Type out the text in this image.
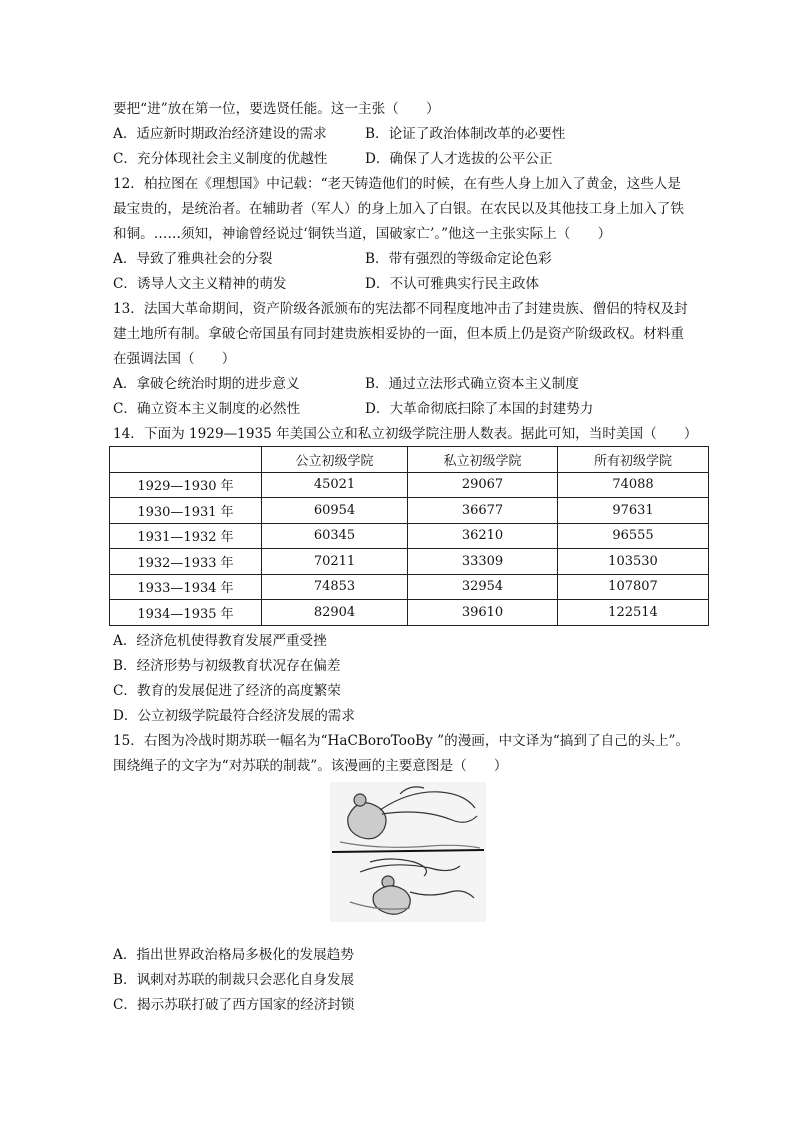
要把“进”放在第一位，要选贤任能。这一主张（　　）
A．适应新时期政治经济建设的需求	B．论证了政治体制改革的必要性
C．充分体现社会主义制度的优越性	D．确保了人才选拔的公平公正
12．柏拉图在《理想国》中记载：“老天铸造他们的时候，在有些人身上加入了黄金，这些人是
最宝贵的，是统治者。在辅助者（军人）的身上加入了白银。在农民以及其他技工身上加入了铁
和铜。……须知，神谕曾经说过‘铜铁当道，国破家亡’。”他这一主张实际上（　　）
A．导致了雅典社会的分裂	B．带有强烈的等级命定论色彩
C．诱导人文主义精神的萌发	D．不认可雅典实行民主政体
13．法国大革命期间，资产阶级各派颁布的宪法都不同程度地冲击了封建贵族、僧侣的特权及封
建土地所有制。拿破仑帝国虽有同封建贵族相妥协的一面，但本质上仍是资产阶级政权。材料重
在强调法国（　　）
A．拿破仑统治时期的进步意义	B．通过立法形式确立资本主义制度
C．确立资本主义制度的必然性	D．大革命彻底扫除了本国的封建势力
14．下面为 1929—1935 年美国公立和私立初级学院注册人数表。据此可知，当时美国（　　）
	公立初级学院	私立初级学院	所有初级学院
1929—1930 年	45021	29067	74088
1930—1931 年	60954	36677	97631
1931—1932 年	60345	36210	96555
1932—1933 年	70211	33309	103530
1933—1934 年	74853	32954	107807
1934—1935 年	82904	39610	122514
A．经济危机使得教育发展严重受挫
B．经济形势与初级教育状况存在偏差
C．教育的发展促进了经济的高度繁荣
D．公立初级学院最符合经济发展的需求
15．右图为冷战时期苏联一幅名为“HaCBoroTooBy ”的漫画，中文译为“搞到了自己的头上”。
围绕绳子的文字为“对苏联的制裁”。该漫画的主要意图是（　　）
A．指出世界政治格局多极化的发展趋势
B．讽刺对苏联的制裁只会恶化自身发展
C．揭示苏联打破了西方国家的经济封锁
